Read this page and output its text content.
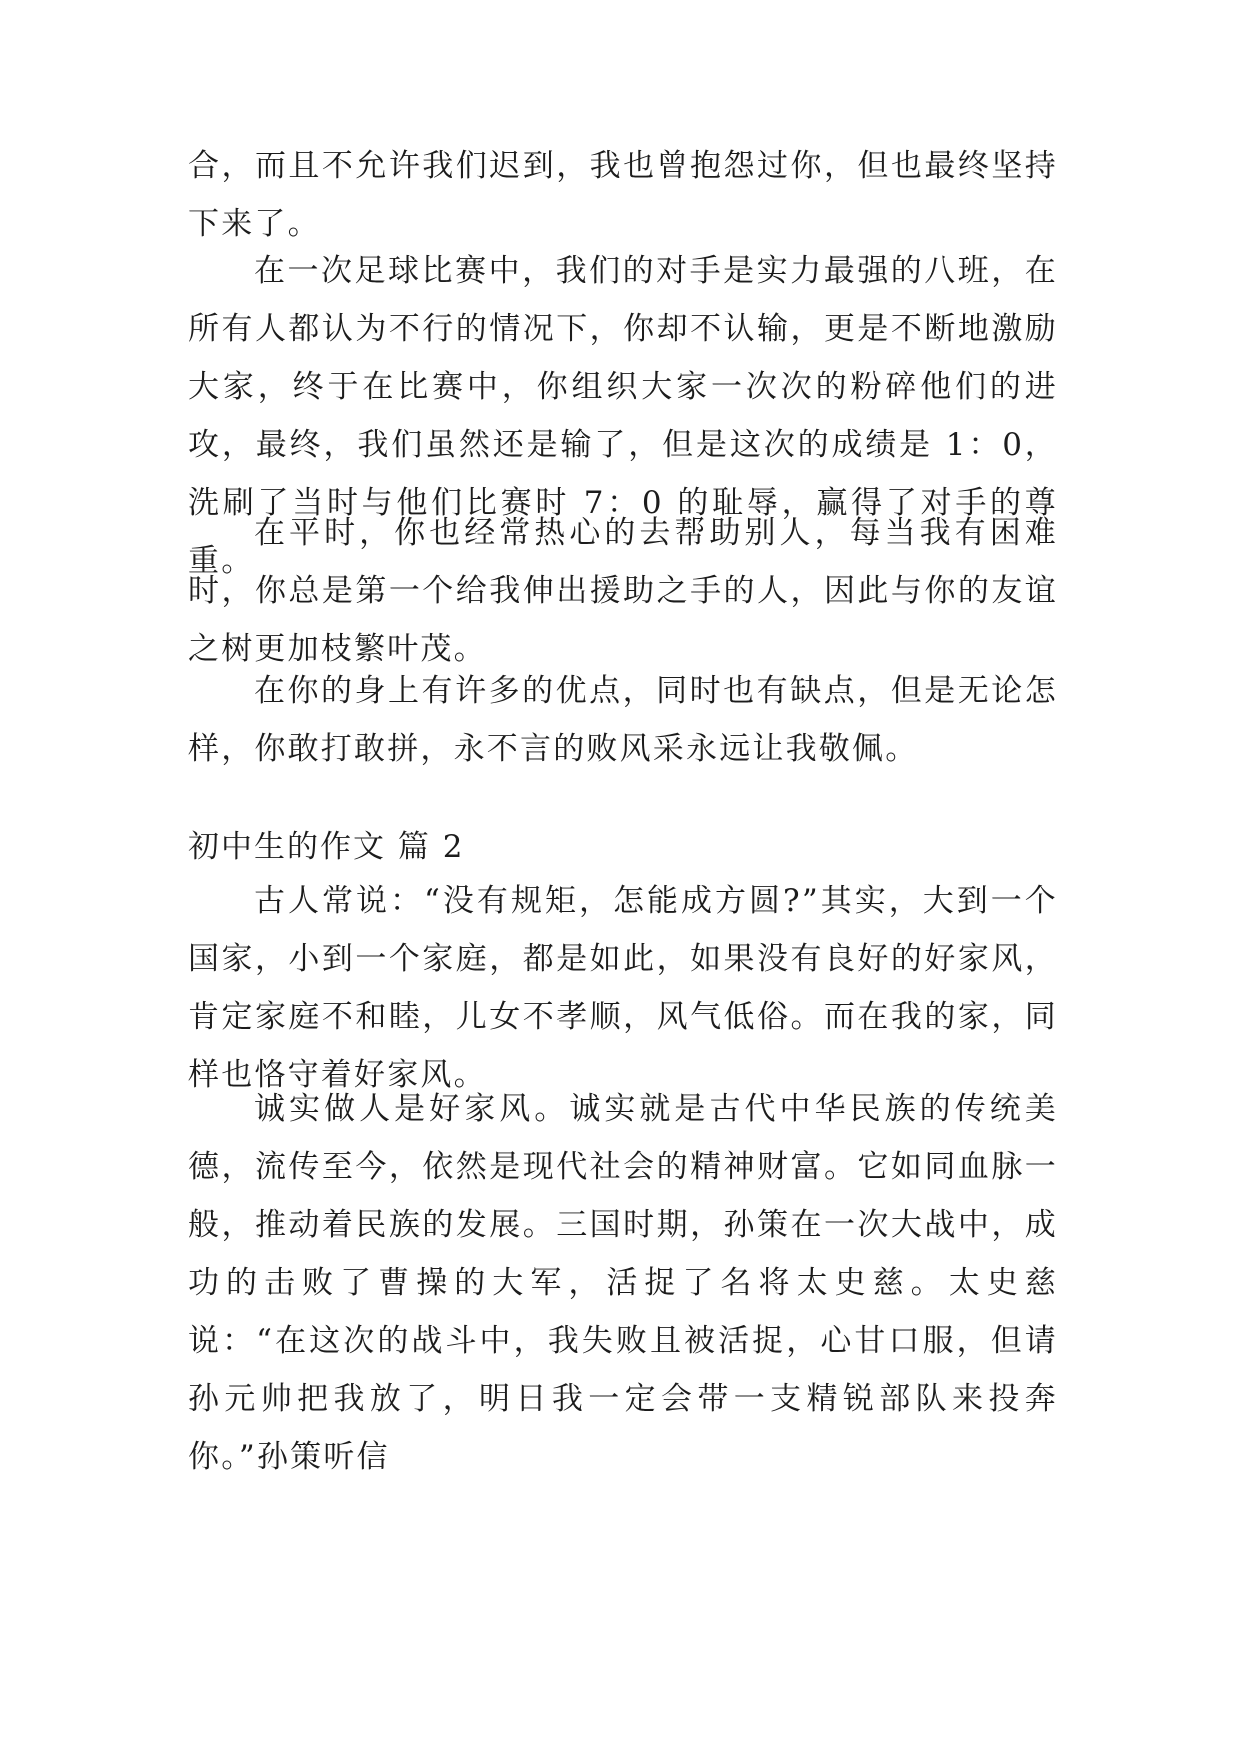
合，而且不允许我们迟到，我也曾抱怨过你，但也最终坚持下来了。

在一次足球比赛中，我们的对手是实力最强的八班，在所有人都认为不行的情况下，你却不认输，更是不断地激励大家，终于在比赛中，你组织大家一次次的粉碎他们的进攻，最终，我们虽然还是输了，但是这次的成绩是 1：0，洗刷了当时与他们比赛时 7：0 的耻辱，赢得了对手的尊重。

在平时，你也经常热心的去帮助别人，每当我有困难时，你总是第一个给我伸出援助之手的人，因此与你的友谊之树更加枝繁叶茂。

在你的身上有许多的优点，同时也有缺点，但是无论怎样，你敢打敢拼，永不言的败风采永远让我敬佩。

初中生的作文 篇 2

古人常说：“没有规矩，怎能成方圆?”其实，大到一个国家，小到一个家庭，都是如此，如果没有良好的好家风，肯定家庭不和睦，儿女不孝顺，风气低俗。而在我的家，同样也恪守着好家风。

诚实做人是好家风。诚实就是古代中华民族的传统美德，流传至今，依然是现代社会的精神财富。它如同血脉一般，推动着民族的发展。三国时期，孙策在一次大战中，成功的击败了曹操的大军，活捉了名将太史慈。太史慈说：“在这次的战斗中，我失败且被活捉，心甘口服，但请孙元帅把我放了，明日我一定会带一支精锐部队来投奔你。”孙策听信
